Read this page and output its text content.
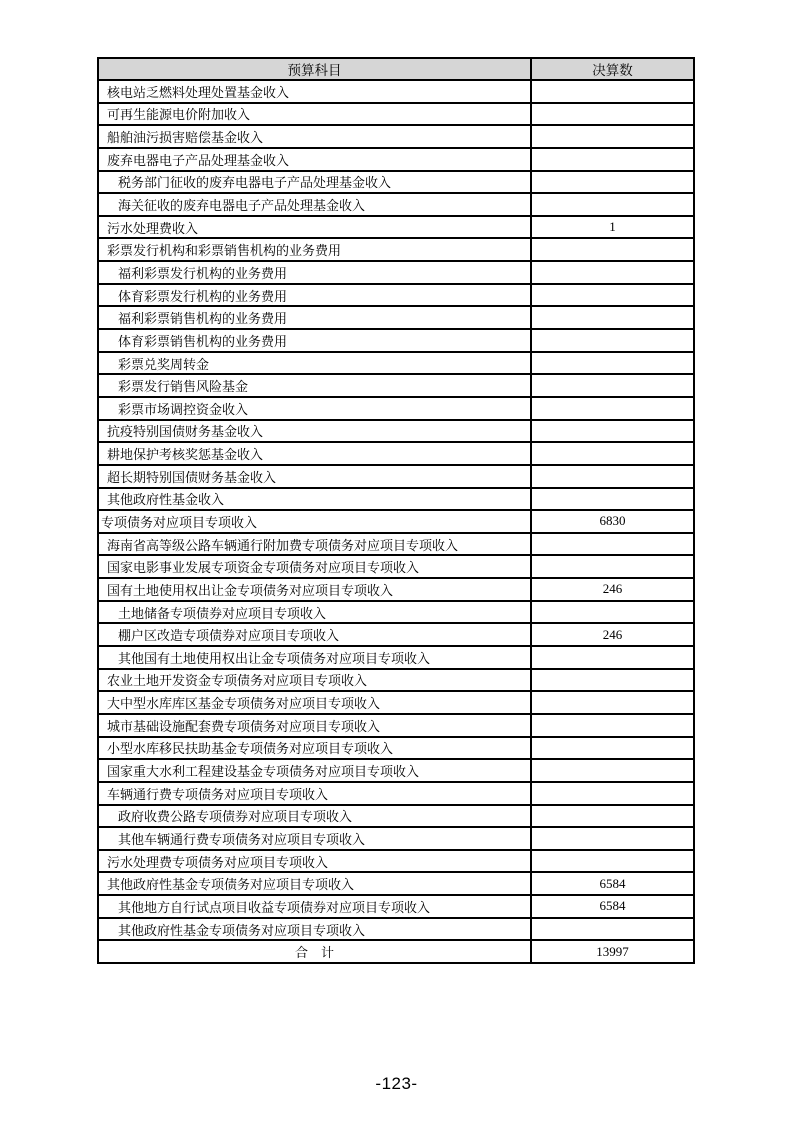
预算科目	决算数
核电站乏燃料处理处置基金收入	
可再生能源电价附加收入	
船舶油污损害赔偿基金收入	
废弃电器电子产品处理基金收入	
税务部门征收的废弃电器电子产品处理基金收入	
海关征收的废弃电器电子产品处理基金收入	
污水处理费收入	1
彩票发行机构和彩票销售机构的业务费用	
福利彩票发行机构的业务费用	
体育彩票发行机构的业务费用	
福利彩票销售机构的业务费用	
体育彩票销售机构的业务费用	
彩票兑奖周转金	
彩票发行销售风险基金	
彩票市场调控资金收入	
抗疫特别国债财务基金收入	
耕地保护考核奖惩基金收入	
超长期特别国债财务基金收入	
其他政府性基金收入	
专项债务对应项目专项收入	6830
海南省高等级公路车辆通行附加费专项债务对应项目专项收入	
国家电影事业发展专项资金专项债务对应项目专项收入	
国有土地使用权出让金专项债务对应项目专项收入	246
土地储备专项债券对应项目专项收入	
棚户区改造专项债券对应项目专项收入	246
其他国有土地使用权出让金专项债务对应项目专项收入	
农业土地开发资金专项债务对应项目专项收入	
大中型水库库区基金专项债务对应项目专项收入	
城市基础设施配套费专项债务对应项目专项收入	
小型水库移民扶助基金专项债务对应项目专项收入	
国家重大水利工程建设基金专项债务对应项目专项收入	
车辆通行费专项债务对应项目专项收入	
政府收费公路专项债券对应项目专项收入	
其他车辆通行费专项债务对应项目专项收入	
污水处理费专项债务对应项目专项收入	
其他政府性基金专项债务对应项目专项收入	6584
其他地方自行试点项目收益专项债券对应项目专项收入	6584
其他政府性基金专项债务对应项目专项收入	
合　计	13997
-123-
